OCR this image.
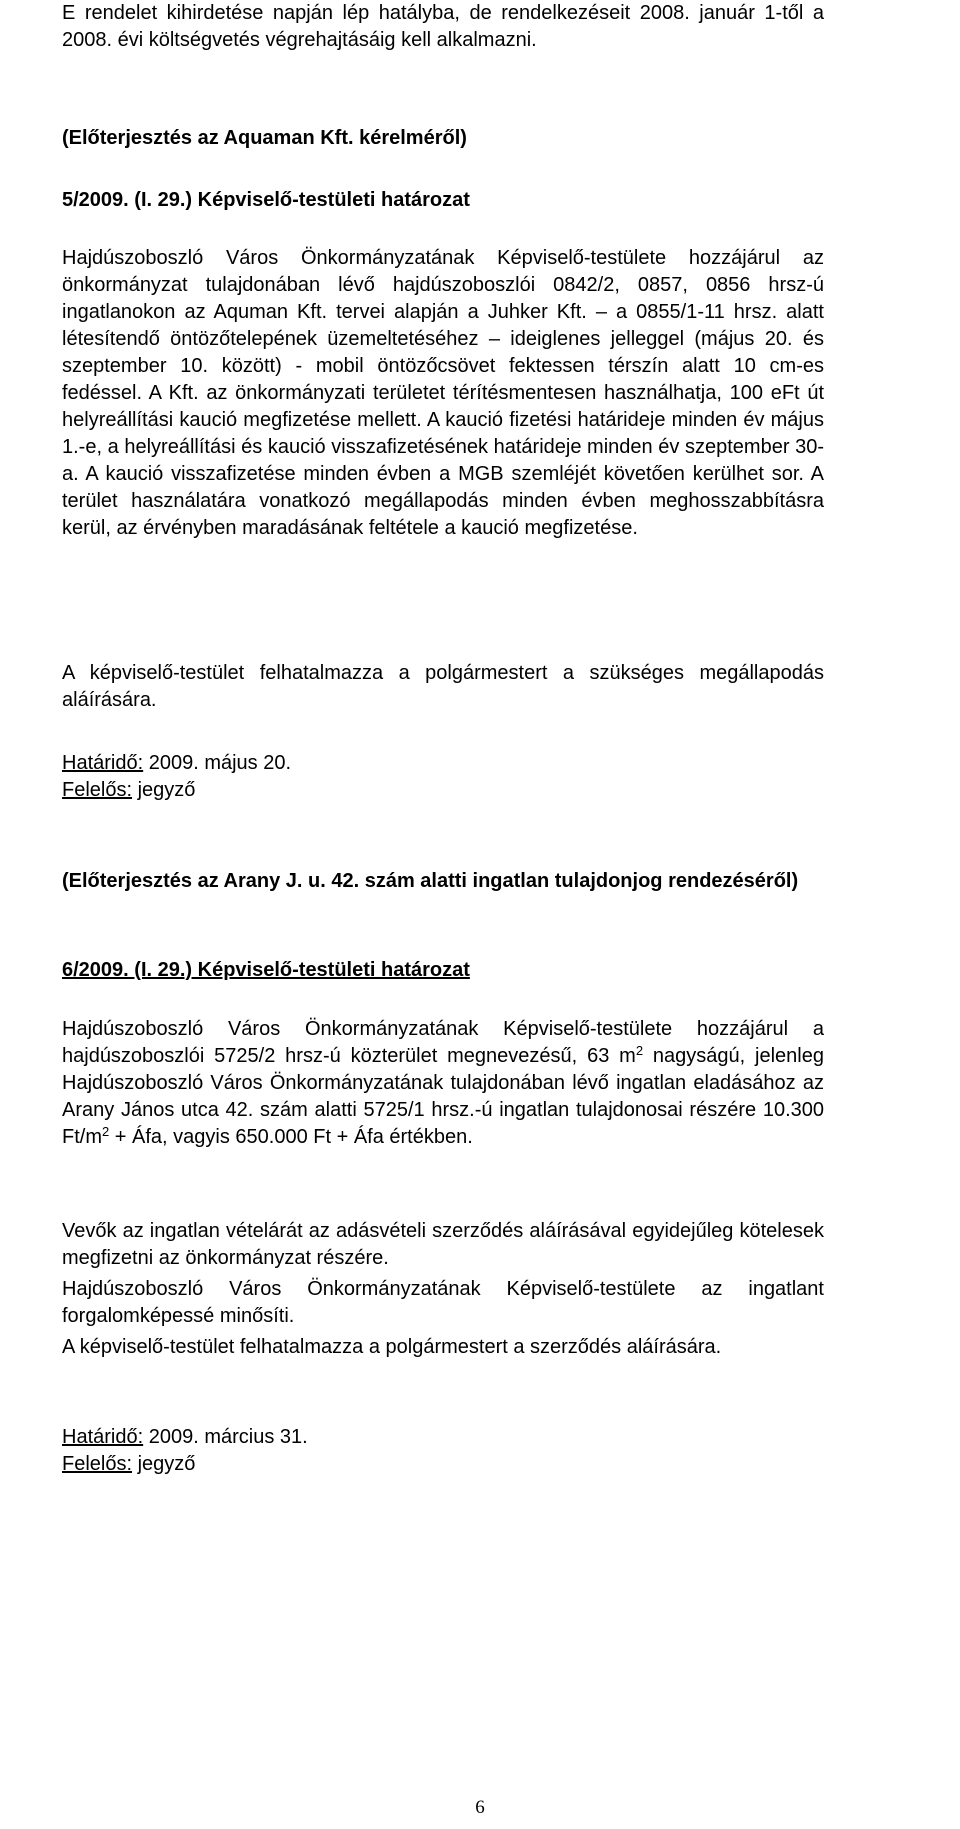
E rendelet kihirdetése napján lép hatályba, de rendelkezéseit 2008. január 1-től a 2008. évi költségvetés végrehajtásáig kell alkalmazni.

(Előterjesztés az Aquaman Kft. kérelméről)

5/2009. (I. 29.) Képviselő-testületi határozat

Hajdúszoboszló Város Önkormányzatának Képviselő-testülete hozzájárul az önkormányzat tulajdonában lévő hajdúszoboszlói 0842/2, 0857, 0856 hrsz-ú ingatlanokon az Aquman Kft. tervei alapján a Juhker Kft. – a 0855/1-11 hrsz. alatt létesítendő öntözőtelepének üzemeltetéséhez – ideiglenes jelleggel (május 20. és szeptember 10. között) - mobil öntözőcsövet fektessen térszín alatt 10 cm-es fedéssel. A Kft. az önkormányzati területet térítésmentesen használhatja, 100 eFt út helyreállítási kaució megfizetése mellett. A kaució fizetési határideje minden év május 1.-e, a helyreállítási és kaució visszafizetésének határideje minden év szeptember 30-a. A kaució visszafizetése minden évben a MGB szemléjét követően kerülhet sor. A terület használatára vonatkozó megállapodás minden évben meghosszabbításra kerül, az érvényben maradásának feltétele a kaució megfizetése.

A képviselő-testület felhatalmazza a polgármestert a szükséges megállapodás aláírására.

Határidő: 2009. május 20.

Felelős: jegyző

(Előterjesztés az Arany J. u. 42. szám alatti ingatlan tulajdonjog rendezéséről)

6/2009. (I. 29.) Képviselő-testületi határozat

Hajdúszoboszló Város Önkormányzatának Képviselő-testülete hozzájárul a hajdúszoboszlói 5725/2 hrsz-ú közterület megnevezésű, 63 $m^2$ nagyságú, jelenleg Hajdúszoboszló Város Önkormányzatának tulajdonában lévő ingatlan eladásához az Arany János utca 42. szám alatti 5725/1 hrsz.-ú ingatlan tulajdonosai részére 10.300 $Ft/m^2$ + Áfa, vagyis 650.000 Ft + Áfa értékben.

Vevők az ingatlan vételárát az adásvételi szerződés aláírásával egyidejűleg kötelesek megfizetni az önkormányzat részére.

Hajdúszoboszló Város Önkormányzatának Képviselő-testülete az ingatlant forgalomképessé minősíti.

A képviselő-testület felhatalmazza a polgármestert a szerződés aláírására.

Határidő: 2009. március 31.

Felelős: jegyző

6
